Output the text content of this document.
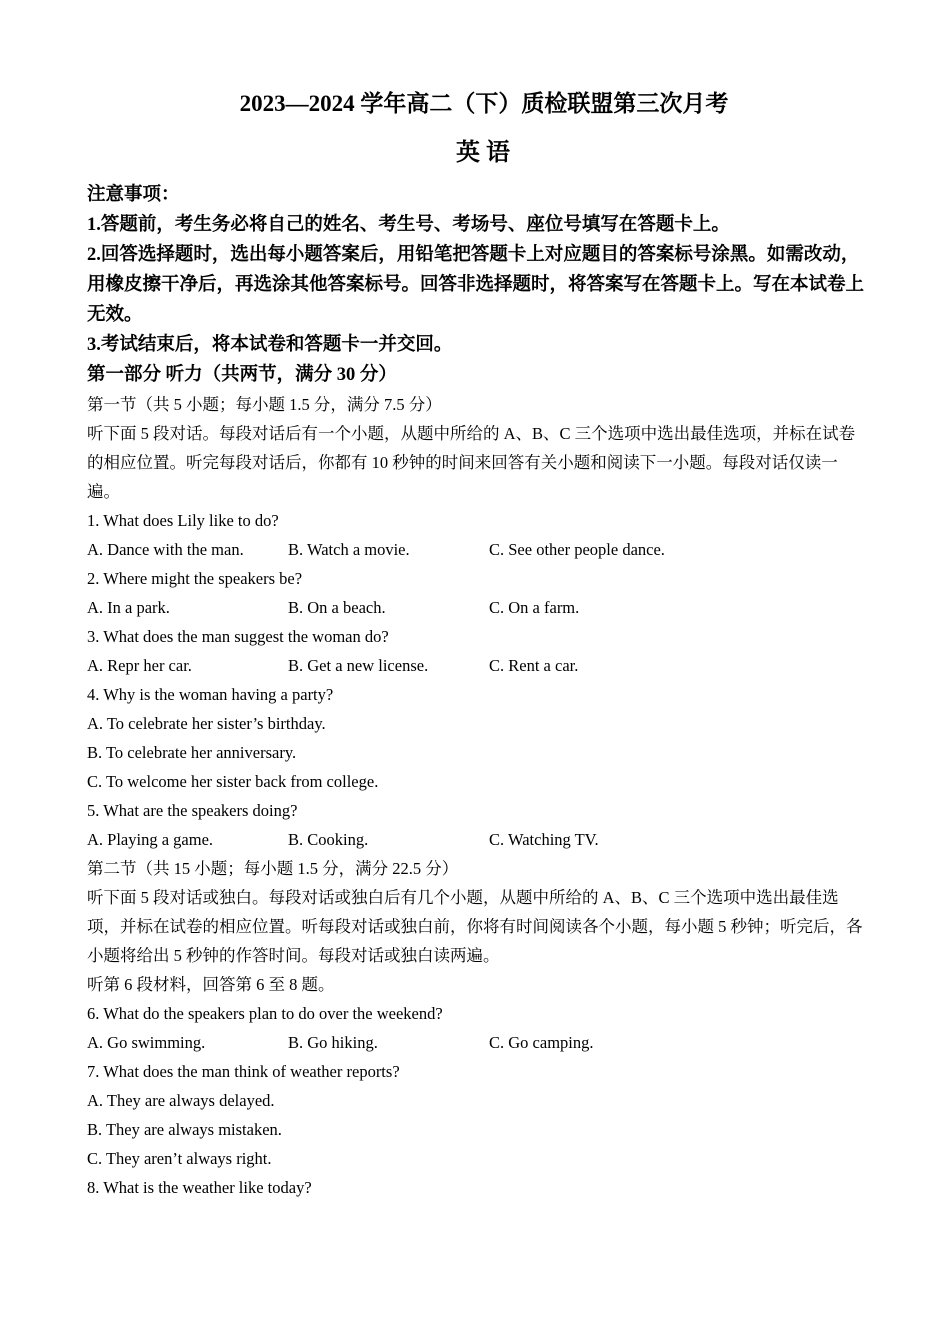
2023—2024 学年高二（下）质检联盟第三次月考
英 语

注意事项：

1.答题前，考生务必将自己的姓名、考生号、考场号、座位号填写在答题卡上。

2.回答选择题时，选出每小题答案后，用铅笔把答题卡上对应题目的答案标号涂黑。如需改动，用橡皮擦干净后，再选涂其他答案标号。回答非选择题时，将答案写在答题卡上。写在本试卷上无效。

3.考试结束后，将本试卷和答题卡一并交回。

第一部分 听力（共两节，满分 30 分）

第一节（共 5 小题；每小题 1.5 分，满分 7.5 分）

听下面 5 段对话。每段对话后有一个小题，从题中所给的 A、B、C 三个选项中选出最佳选项，并标在试卷的相应位置。听完每段对话后，你都有 10 秒钟的时间来回答有关小题和阅读下一小题。每段对话仅读一遍。

1. What does Lily like to do?

A. Dance with the man.	B. Watch a movie.	C. See other people dance.

2. Where might the speakers be?

A. In a park.	B. On a beach.	C. On a farm.

3. What does the man suggest the woman do?

A. Repr her car.	B. Get a new license.	C. Rent a car.

4. Why is the woman having a party?

A. To celebrate her sister’s birthday.

B. To celebrate her anniversary.

C. To welcome her sister back from college.

5. What are the speakers doing?

A. Playing a game.	B. Cooking.	C. Watching TV.

第二节（共 15 小题；每小题 1.5 分，满分 22.5 分）

听下面 5 段对话或独白。每段对话或独白后有几个小题，从题中所给的 A、B、C 三个选项中选出最佳选项，并标在试卷的相应位置。听每段对话或独白前，你将有时间阅读各个小题，每小题 5 秒钟；听完后，各小题将给出 5 秒钟的作答时间。每段对话或独白读两遍。

听第 6 段材料，回答第 6 至 8 题。

6. What do the speakers plan to do over the weekend?

A. Go swimming.	B. Go hiking.	C. Go camping.

7. What does the man think of weather reports?

A. They are always delayed.

B. They are always mistaken.

C. They aren’t always right.

8. What is the weather like today?
